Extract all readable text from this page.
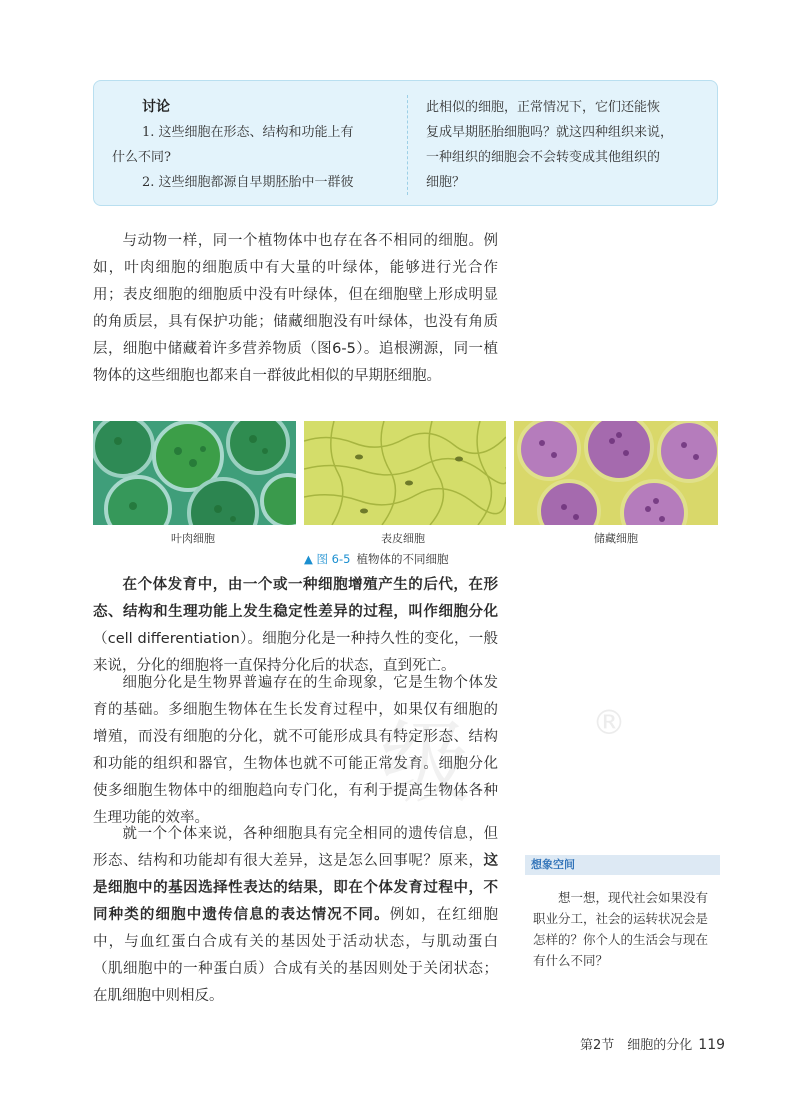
级	®
讨论
1. 这些细胞在形态、结构和功能上有
什么不同?
2. 这些细胞都源自早期胚胎中一群彼
此相似的细胞，正常情况下，它们还能恢
复成早期胚胎细胞吗？就这四种组织来说，
一种组织的细胞会不会转变成其他组织的
细胞？
与动物一样，同一个植物体中也存在各不相同的细胞。例如，叶肉细胞的细胞质中有大量的叶绿体，能够进行光合作用；表皮细胞的细胞质中没有叶绿体，但在细胞壁上形成明显的角质层，具有保护功能；储藏细胞没有叶绿体，也没有角质层，细胞中储藏着许多营养物质（图6-5）。追根溯源，同一植物体的这些细胞也都来自一群彼此相似的早期胚细胞。
叶肉细胞	表皮细胞	储藏细胞
▲ 图 6-5 植物体的不同细胞
在个体发育中，由一个或一种细胞增殖产生的后代，在形态、结构和生理功能上发生稳定性差异的过程，叫作细胞分化（cell differentiation）。细胞分化是一种持久性的变化，一般来说，分化的细胞将一直保持分化后的状态，直到死亡。
细胞分化是生物界普遍存在的生命现象，它是生物个体发育的基础。多细胞生物体在生长发育过程中，如果仅有细胞的增殖，而没有细胞的分化，就不可能形成具有特定形态、结构和功能的组织和器官，生物体也就不可能正常发育。细胞分化使多细胞生物体中的细胞趋向专门化，有利于提高生物体各种生理功能的效率。
就一个个体来说，各种细胞具有完全相同的遗传信息，但形态、结构和功能却有很大差异，这是怎么回事呢？原来，这是细胞中的基因选择性表达的结果，即在个体发育过程中，不同种类的细胞中遗传信息的表达情况不同。例如，在红细胞中，与血红蛋白合成有关的基因处于活动状态，与肌动蛋白（肌细胞中的一种蛋白质）合成有关的基因则处于关闭状态；在肌细胞中则相反。
想象空间
想一想，现代社会如果没有职业分工，社会的运转状况会是怎样的？你个人的生活会与现在有什么不同？
第2节　细胞的分化 119
